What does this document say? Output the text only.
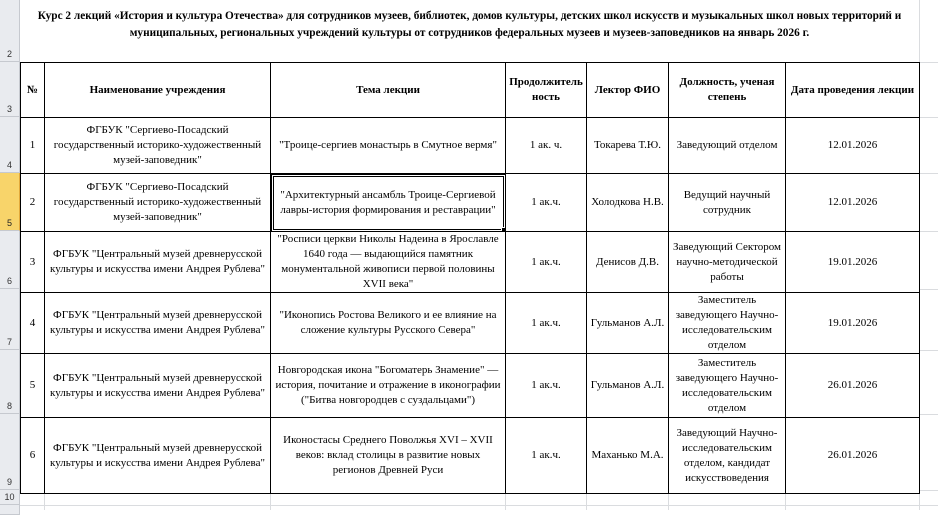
2
3
4
5
6
7
8
9
10
Курс 2 лекций «История и культура Отечества» для сотрудников музеев, библиотек, домов культуры, детских школ искусств и музыкальных школ новых территорий и муниципальных, региональных учреждений культуры от сотрудников федеральных музеев и музеев-заповедников на январь 2026 г.
№	Наименование учреждения	Тема лекции	Продолжительность	Лектор ФИО	Должность, ученая степень	Дата проведения лекции
1	ФГБУК "Сергиево-Посадский государственный историко-художественный музей-заповедник"	"Троице-сергиев монастырь в Смутное вермя"	1 ак. ч.	Токарева Т.Ю.	Заведующий отделом	12.01.2026
2	ФГБУК "Сергиево-Посадский государственный историко-художественный музей-заповедник"	"Архитектурный ансамбль Троице-Сергиевой лавры-история формирования и реставрации"	1 ак.ч.	Холодкова Н.В.	Ведущий научный сотрудник	12.01.2026
3	ФГБУК "Центральный музей древнерусской культуры и искусства имени Андрея Рублева"	"Росписи церкви Николы Надеина в Ярославле 1640 года — выдающийся памятник монументальной живописи первой половины XVII века"	1 ак.ч.	Денисов Д.В.	Заведующий Сектором научно-методической работы	19.01.2026
4	ФГБУК "Центральный музей древнерусской культуры и искусства имени Андрея Рублева"	"Иконопись Ростова Великого и ее влияние на сложение культуры Русского Севера"	1 ак.ч.	Гульманов А.Л.	Заместитель заведующего Научно-исследовательским отделом	19.01.2026
5	ФГБУК "Центральный музей древнерусской культуры и искусства имени Андрея Рублева"	Новгородская икона "Богоматерь Знамение" — история, почитание и отражение в иконографии ("Битва новгородцев с суздальцами")	1 ак.ч.	Гульманов А.Л.	Заместитель заведующего Научно-исследовательским отделом	26.01.2026
6	ФГБУК "Центральный музей древнерусской культуры и искусства имени Андрея Рублева"	Иконостасы Среднего Поволжья XVI – XVII веков: вклад столицы в развитие новых регионов Древней Руси	1 ак.ч.	Маханько М.А.	Заведующий Научно-исследовательским отделом, кандидат искусствоведения	26.01.2026
